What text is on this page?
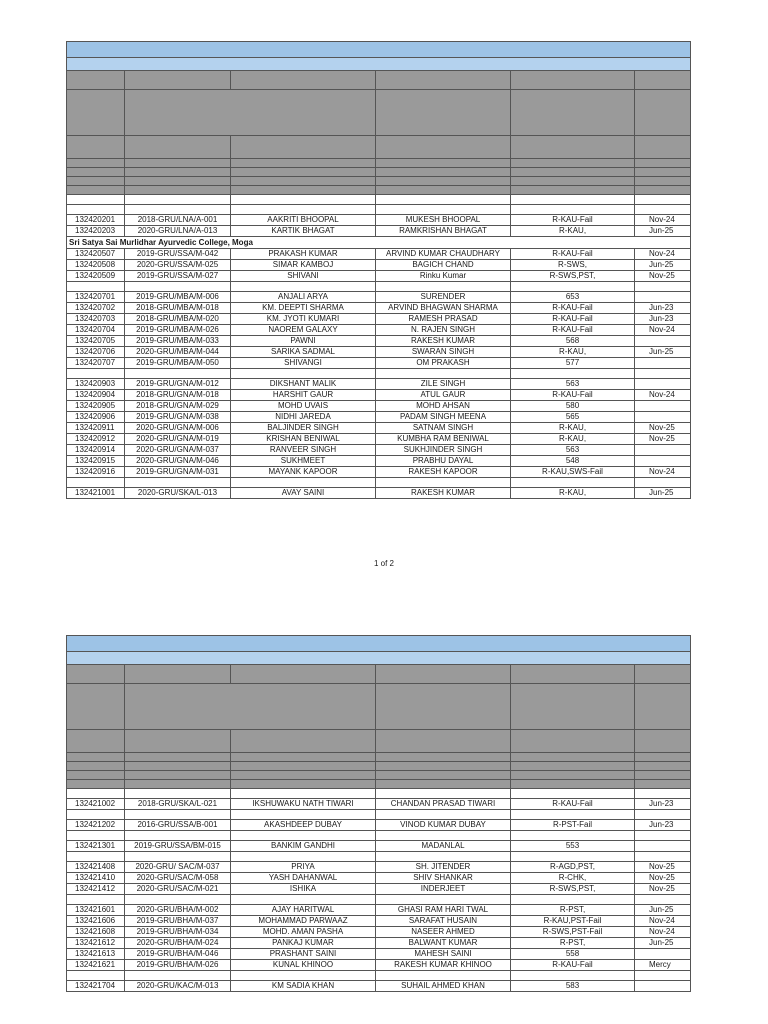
132420201	2018-GRU/LNA/A-001	AAKRITI BHOOPAL	MUKESH BHOOPAL	R-KAU-Fail	Nov-24
132420203	2020-GRU/LNA/A-013	KARTIK BHAGAT	RAMKRISHAN BHAGAT	R-KAU,	Jun-25
Sri Satya Sai Murlidhar Ayurvedic College, Moga					
132420507	2019-GRU/SSA/M-042	PRAKASH KUMAR	ARVIND KUMAR CHAUDHARY	R-KAU-Fail	Nov-24
132420508	2020-GRU/SSA/M-025	SIMAR KAMBOJ	BAGICH CHAND	R-SWS,	Jun-25
132420509	2019-GRU/SSA/M-027	SHIVANI	Rinku Kumar	R-SWS,PST,	Nov-25

132420701	2019-GRU/MBA/M-006	ANJALI ARYA	SURENDER	653	
132420702	2018-GRU/MBA/M-018	KM. DEEPTI SHARMA	ARVIND BHAGWAN SHARMA	R-KAU-Fail	Jun-23
132420703	2018-GRU/MBA/M-020	KM. JYOTI KUMARI	RAMESH PRASAD	R-KAU-Fail	Jun-23
132420704	2019-GRU/MBA/M-026	NAOREM GALAXY	N. RAJEN SINGH	R-KAU-Fail	Nov-24
132420705	2019-GRU/MBA/M-033	PAWNI	RAKESH KUMAR	568	
132420706	2020-GRU/MBA/M-044	SARIKA SADMAL	SWARAN SINGH	R-KAU,	Jun-25
132420707	2019-GRU/MBA/M-050	SHIVANGI	OM PRAKASH	577	

132420903	2019-GRU/GNA/M-012	DIKSHANT MALIK	ZILE SINGH	563	
132420904	2018-GRU/GNA/M-018	HARSHIT GAUR	ATUL GAUR	R-KAU-Fail	Nov-24
132420905	2018-GRU/GNA/M-029	MOHD UVAIS	MOHD AHSAN	580	
132420906	2019-GRU/GNA/M-038	NIDHI JAREDA	PADAM SINGH MEENA	565	
132420911	2020-GRU/GNA/M-006	BALJINDER SINGH	SATNAM SINGH	R-KAU,	Nov-25
132420912	2020-GRU/GNA/M-019	KRISHAN BENIWAL	KUMBHA RAM BENIWAL	R-KAU,	Nov-25
132420914	2020-GRU/GNA/M-037	RANVEER SINGH	SUKHJINDER SINGH	563	
132420915	2020-GRU/GNA/M-046	SUKHMEET	PRABHU DAYAL	548	
132420916	2019-GRU/GNA/M-031	MAYANK KAPOOR	RAKESH KAPOOR	R-KAU,SWS-Fail	Nov-24

132421001	2020-GRU/SKA/L-013	AVAY SAINI	RAKESH KUMAR	R-KAU,	Jun-25
1 of 2

132421002	2018-GRU/SKA/L-021	IKSHUWAKU NATH TIWARI	CHANDAN PRASAD TIWARI	R-KAU-Fail	Jun-23

132421202	2016-GRU/SSA/B-001	AKASHDEEP DUBAY	VINOD KUMAR DUBAY	R-PST-Fail	Jun-23

132421301	2019-GRU/SSA/BM-015	BANKIM GANDHI	MADANLAL	553	

132421408	2020-GRU/ SAC/M-037	PRIYA	SH. JITENDER	R-AGD,PST,	Nov-25
132421410	2020-GRU/SAC/M-058	YASH DAHANWAL	SHIV SHANKAR	R-CHK,	Nov-25
132421412	2020-GRU/SAC/M-021	ISHIKA	INDERJEET	R-SWS,PST,	Nov-25

132421601	2020-GRU/BHA/M-002	AJAY HARITWAL	GHASI RAM HARI TWAL	R-PST,	Jun-25
132421606	2019-GRU/BHA/M-037	MOHAMMAD PARWAAZ	SARAFAT HUSAIN	R-KAU,PST-Fail	Nov-24
132421608	2019-GRU/BHA/M-034	MOHD. AMAN PASHA	NASEER AHMED	R-SWS,PST-Fail	Nov-24
132421612	2020-GRU/BHA/M-024	PANKAJ KUMAR	BALWANT KUMAR	R-PST,	Jun-25
132421613	2019-GRU/BHA/M-046	PRASHANT SAINI	MAHESH SAINI	558	
132421621	2019-GRU/BHA/M-026	KUNAL KHINOO	RAKESH KUMAR KHINOO	R-KAU-Fail	Mercy

132421704	2020-GRU/KAC/M-013	KM SADIA KHAN	SUHAIL AHMED KHAN	583	
